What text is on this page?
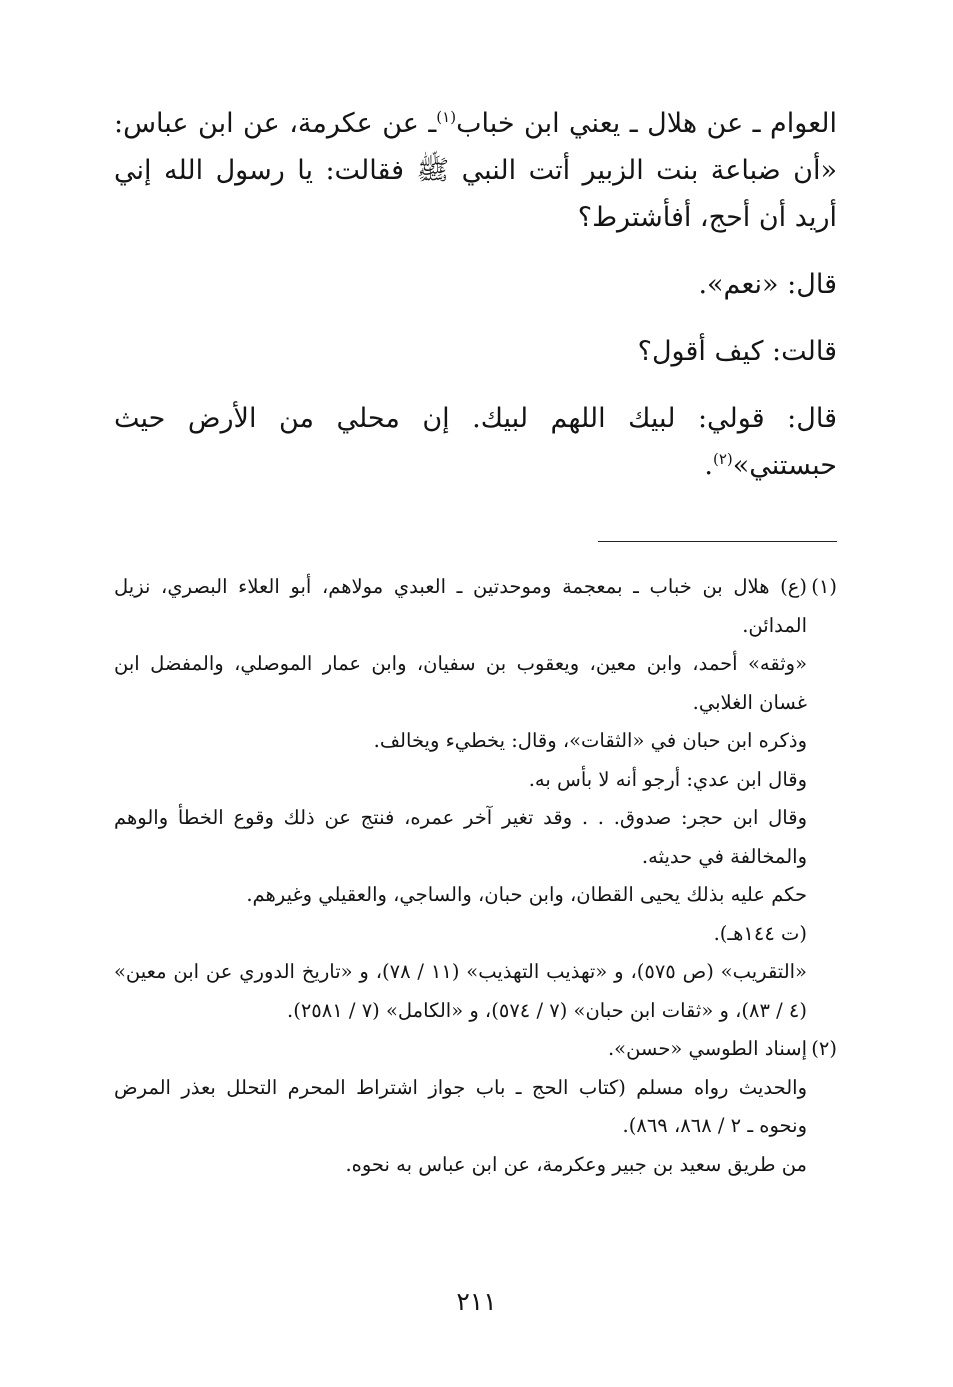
العوام ـ عن هلال ـ يعني ابن خباب$^{(١)}$ـ عن عكرمة، عن ابن عباس: «أن ضباعة بنت الزبير أتت النبي ﷺ فقالت: يا رسول الله إني أريد أن أحج، أفأشترط؟

قال: «نعم».

قالت: كيف أقول؟

قال: قولي: لبيك اللهم لبيك. إن محلي من الأرض حيث حبستني»$^{(٢)}$.

(١)

(ع) هلال بن خباب ـ بمعجمة وموحدتين ـ العبدي مولاهم، أبو العلاء البصري، نزيل المدائن.

«وثقه» أحمد، وابن معين، ويعقوب بن سفيان، وابن عمار الموصلي، والمفضل ابن غسان الغلابي.

وذكره ابن حبان في «الثقات»، وقال: يخطيء ويخالف.

وقال ابن عدي: أرجو أنه لا بأس به.

وقال ابن حجر: صدوق. . . وقد تغير آخر عمره، فنتج عن ذلك وقوع الخطأ والوهم والمخالفة في حديثه.

حكم عليه بذلك يحيى القطان، وابن حبان، والساجي، والعقيلي وغيرهم.

(ت ١٤٤هـ).

«التقريب» (ص ٥٧٥)، و «تهذيب التهذيب» (١١ / ٧٨)، و «تاريخ الدوري عن ابن معين» (٤ / ٨٣)، و «ثقات ابن حبان» (٧ / ٥٧٤)، و «الكامل» (٧ / ٢٥٨١).

(٢)

إسناد الطوسي «حسن».

والحديث رواه مسلم (كتاب الحج ـ باب جواز اشتراط المحرم التحلل بعذر المرض ونحوه ـ ٢ / ٨٦٨، ٨٦٩).

من طريق سعيد بن جبير وعكرمة، عن ابن عباس به نحوه.

٢١١
